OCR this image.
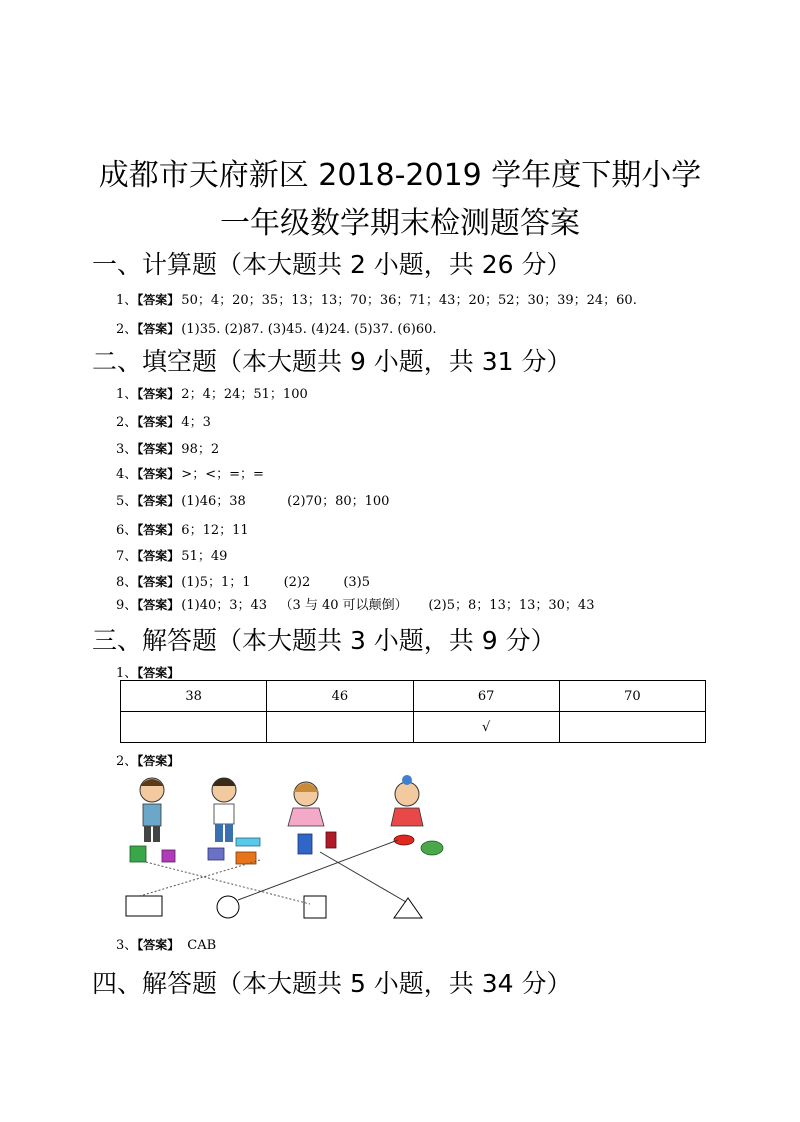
成都市天府新区 2018-2019 学年度下期小学
一年级数学期末检测题答案
一、计算题（本大题共 2 小题，共 26 分）
1、【答案】 50；4；20；35；13；13；70；36；71；43；20；52；30；39；24；60.
2、【答案】 (1)35. (2)87. (3)45. (4)24. (5)37. (6)60.
二、填空题（本大题共 9 小题，共 31 分）
1、【答案】 2；4；24；51；100
2、【答案】 4；3
3、【答案】 98；2
4、【答案】 >；<；=；=
5、【答案】 (1)46；38          (2)70；80；100
6、【答案】 6；12；11
7、【答案】 51；49
8、【答案】 (1)5；1；1        (2)2        (3)5
9、【答案】 (1)40；3；43   （3 与 40 可以颠倒）     (2)5；8；13；13；30；43
三、解答题（本大题共 3 小题，共 9 分）
1、【答案】
38	46	67	70
		√	
2、【答案】
3、【答案】 CAB
四、解答题（本大题共 5 小题，共 34 分）
